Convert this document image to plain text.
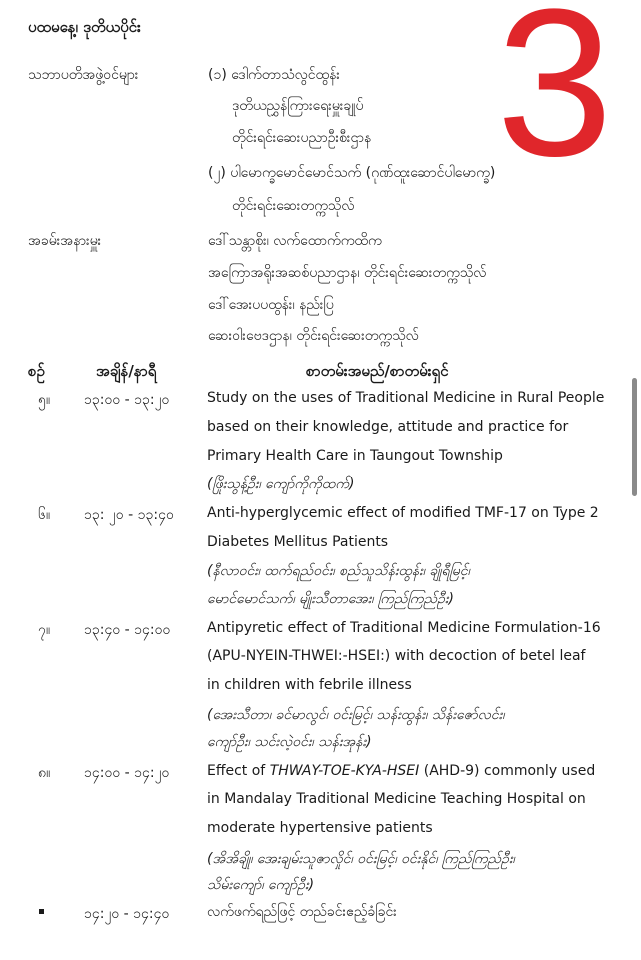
3
ပထမနေ့၊ ဒုတိယပိုင်း
သဘာပတိအဖွဲ့ဝင်များ	(၁) ဒေါက်တာသံလွင်ထွန်း
ဒုတိယညွှန်ကြားရေးမှူးချုပ်
တိုင်းရင်းဆေးပညာဦးစီးဌာန
(၂) ပါမောက္ခမောင်မောင်သက် (ဂုဏ်ထူးဆောင်ပါမောက္ခ)
တိုင်းရင်းဆေးတက္ကသိုလ်
အခမ်းအနားမှူး	ဒေါ်သန္တာစိုး၊ လက်ထောက်ကထိက
အကြောအရိုးအဆစ်ပညာဌာန၊ တိုင်းရင်းဆေးတက္ကသိုလ်
ဒေါ်အေးပပထွန်း၊ နည်းပြ
ဆေးဝါးဗေဒဌာန၊ တိုင်းရင်းဆေးတက္ကသိုလ်
စဉ်	အချိန်/နာရီ	စာတမ်းအမည်/စာတမ်းရှင်
၅။ ၁၃:၀၀ - ၁၃:၂၀	Study on the uses of Traditional Medicine in Rural People
based on their knowledge, attitude and practice for
Primary Health Care in Taungout Township
(ဖြိုးသွန့်ဦး၊ ကျော်ကိုကိုထက်)
၆။ ၁၃: ၂၀ - ၁၃:၄၀ Anti-hyperglycemic effect of modified TMF-17 on Type 2
Diabetes Mellitus Patients
(နီလာဝင်း၊ ထက်ရည်ဝင်း၊ စည်သူသိန်းထွန်း၊ ချိုရီမြင့်၊
မောင်မောင်သက်၊ မျိုးသီတာအေး၊ ကြည်ကြည်ဦး)
၇။ ၁၃:၄၀ - ၁၄:၀၀	Antipyretic effect of Traditional Medicine Formulation-16
(APU-NYEIN-THWEI:-HSEI:) with decoction of betel leaf
in children with febrile illness
(အေးသီတာ၊ ခင်မာလွင်၊ ဝင်းမြင့်၊ သန်းထွန်း၊ သိန်းဇော်လင်း၊
ကျော်ဦး၊ သင်းလဲ့ဝင်း၊ သန်းအုန်း)
၈။ ၁၄:၀၀ - ၁၄:၂၀	Effect of THWAY-TOE-KYA-HSEI (AHD-9) commonly used
in Mandalay Traditional Medicine Teaching Hospital on
moderate hypertensive patients
(အိအိချို၊ အေးချမ်းသူဇာလှိုင်၊ ဝင်းမြင့်၊ ဝင်းနိုင်၊ ကြည်ကြည်ဦး၊
သိမ်းကျော်၊ ကျော်ဦး)
၁၄:၂၀ - ၁၄:၄၀	လက်ဖက်ရည်ဖြင့် တည်ခင်းဧည့်ခံခြင်း
